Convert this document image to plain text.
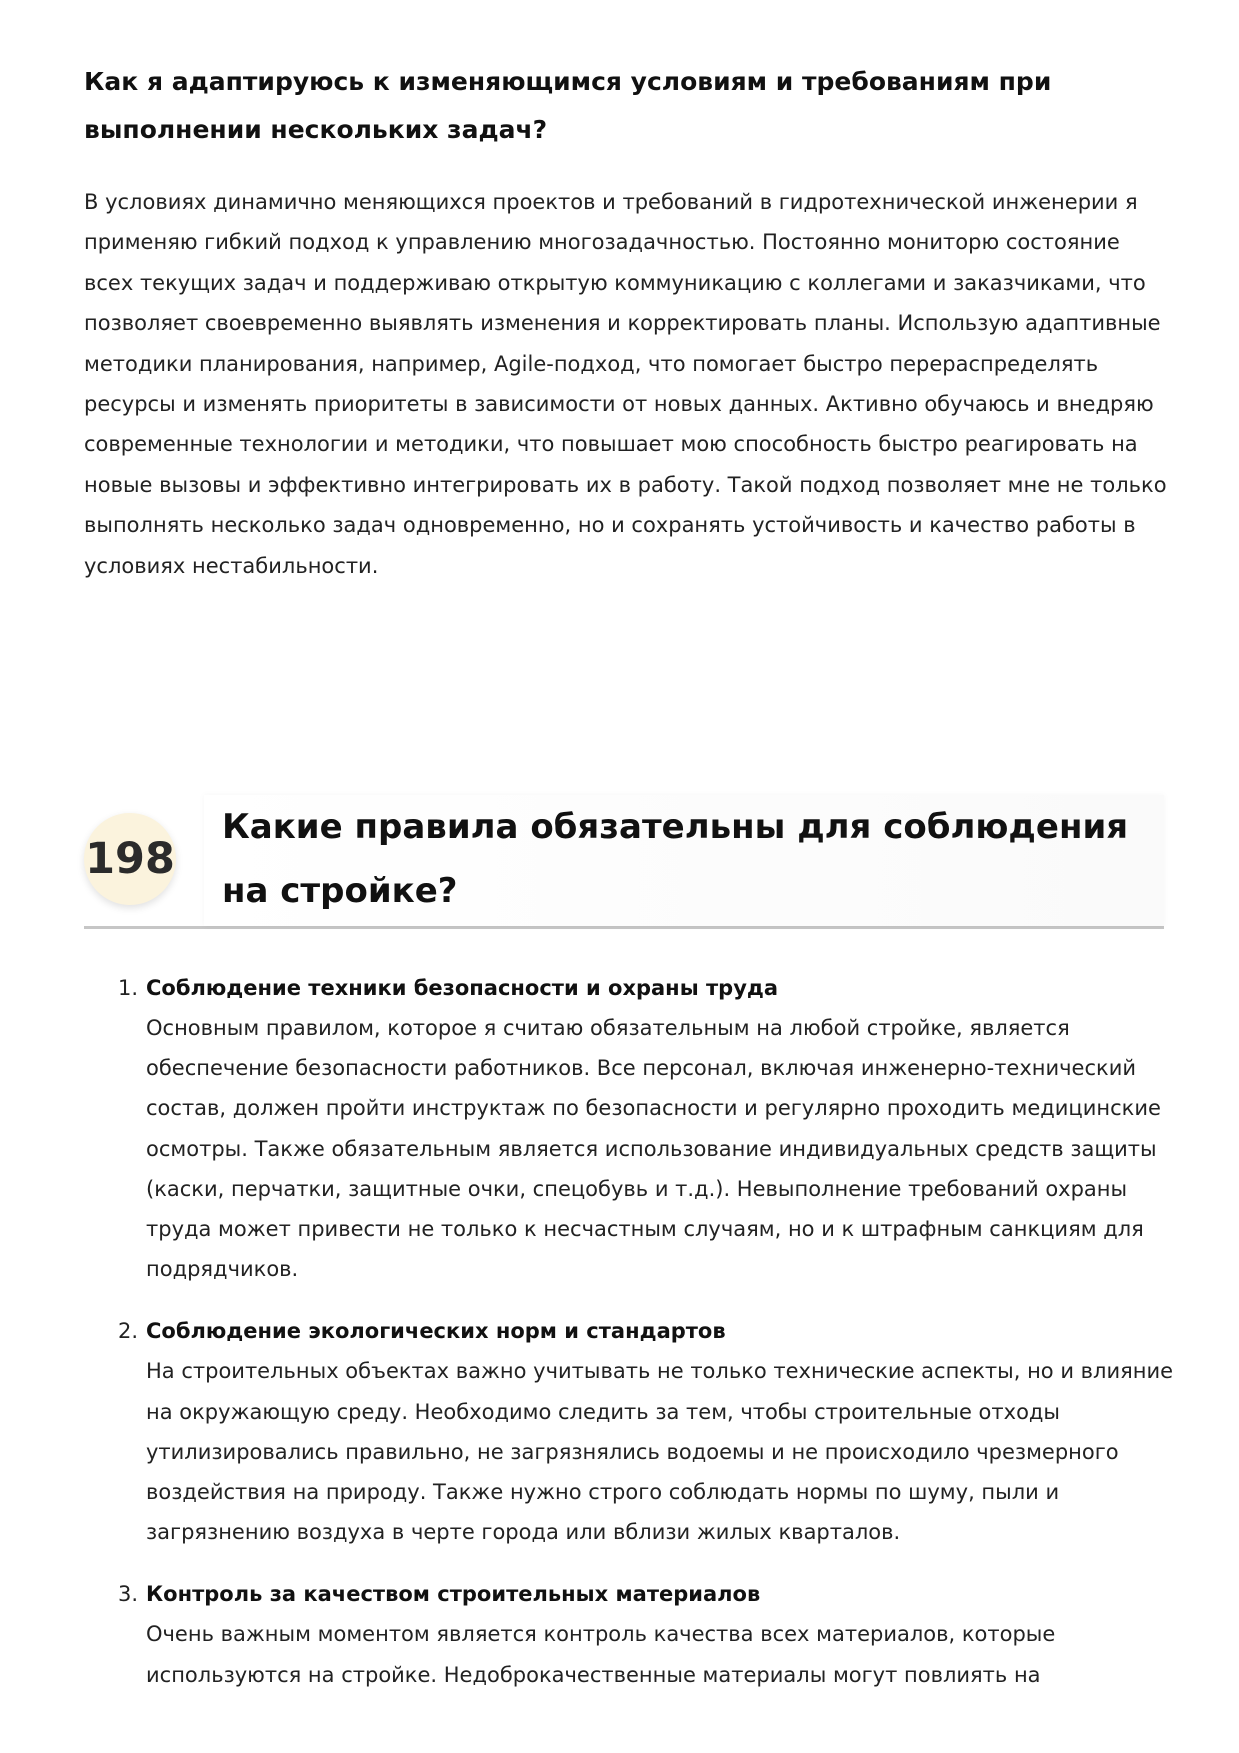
Как я адаптируюсь к изменяющимся условиям и требованиям при выполнении нескольких задач?

В условиях динамично меняющихся проектов и требований в гидротехнической инженерии я применяю гибкий подход к управлению многозадачностью. Постоянно мониторю состояние всех текущих задач и поддерживаю открытую коммуникацию с коллегами и заказчиками, что позволяет своевременно выявлять изменения и корректировать планы. Использую адаптивные методики планирования, например, Agile-подход, что помогает быстро перераспределять ресурсы и изменять приоритеты в зависимости от новых данных. Активно обучаюсь и внедряю современные технологии и методики, что повышает мою способность быстро реагировать на новые вызовы и эффективно интегрировать их в работу. Такой подход позволяет мне не только выполнять несколько задач одновременно, но и сохранять устойчивость и качество работы в условиях нестабильности.

198
Какие правила обязательны для соблюдения на стройке?
1. Соблюдение техники безопасности и охраны труда
Основным правилом, которое я считаю обязательным на любой стройке, является обеспечение безопасности работников. Все персонал, включая инженерно-технический состав, должен пройти инструктаж по безопасности и регулярно проходить медицинские осмотры. Также обязательным является использование индивидуальных средств защиты (каски, перчатки, защитные очки, спецобувь и т.д.). Невыполнение требований охраны труда может привести не только к несчастным случаям, но и к штрафным санкциям для подрядчиков.
2. Соблюдение экологических норм и стандартов
На строительных объектах важно учитывать не только технические аспекты, но и влияние на окружающую среду. Необходимо следить за тем, чтобы строительные отходы утилизировались правильно, не загрязнялись водоемы и не происходило чрезмерного воздействия на природу. Также нужно строго соблюдать нормы по шуму, пыли и загрязнению воздуха в черте города или вблизи жилых кварталов.
3. Контроль за качеством строительных материалов
Очень важным моментом является контроль качества всех материалов, которые используются на стройке. Недоброкачественные материалы могут повлиять на
